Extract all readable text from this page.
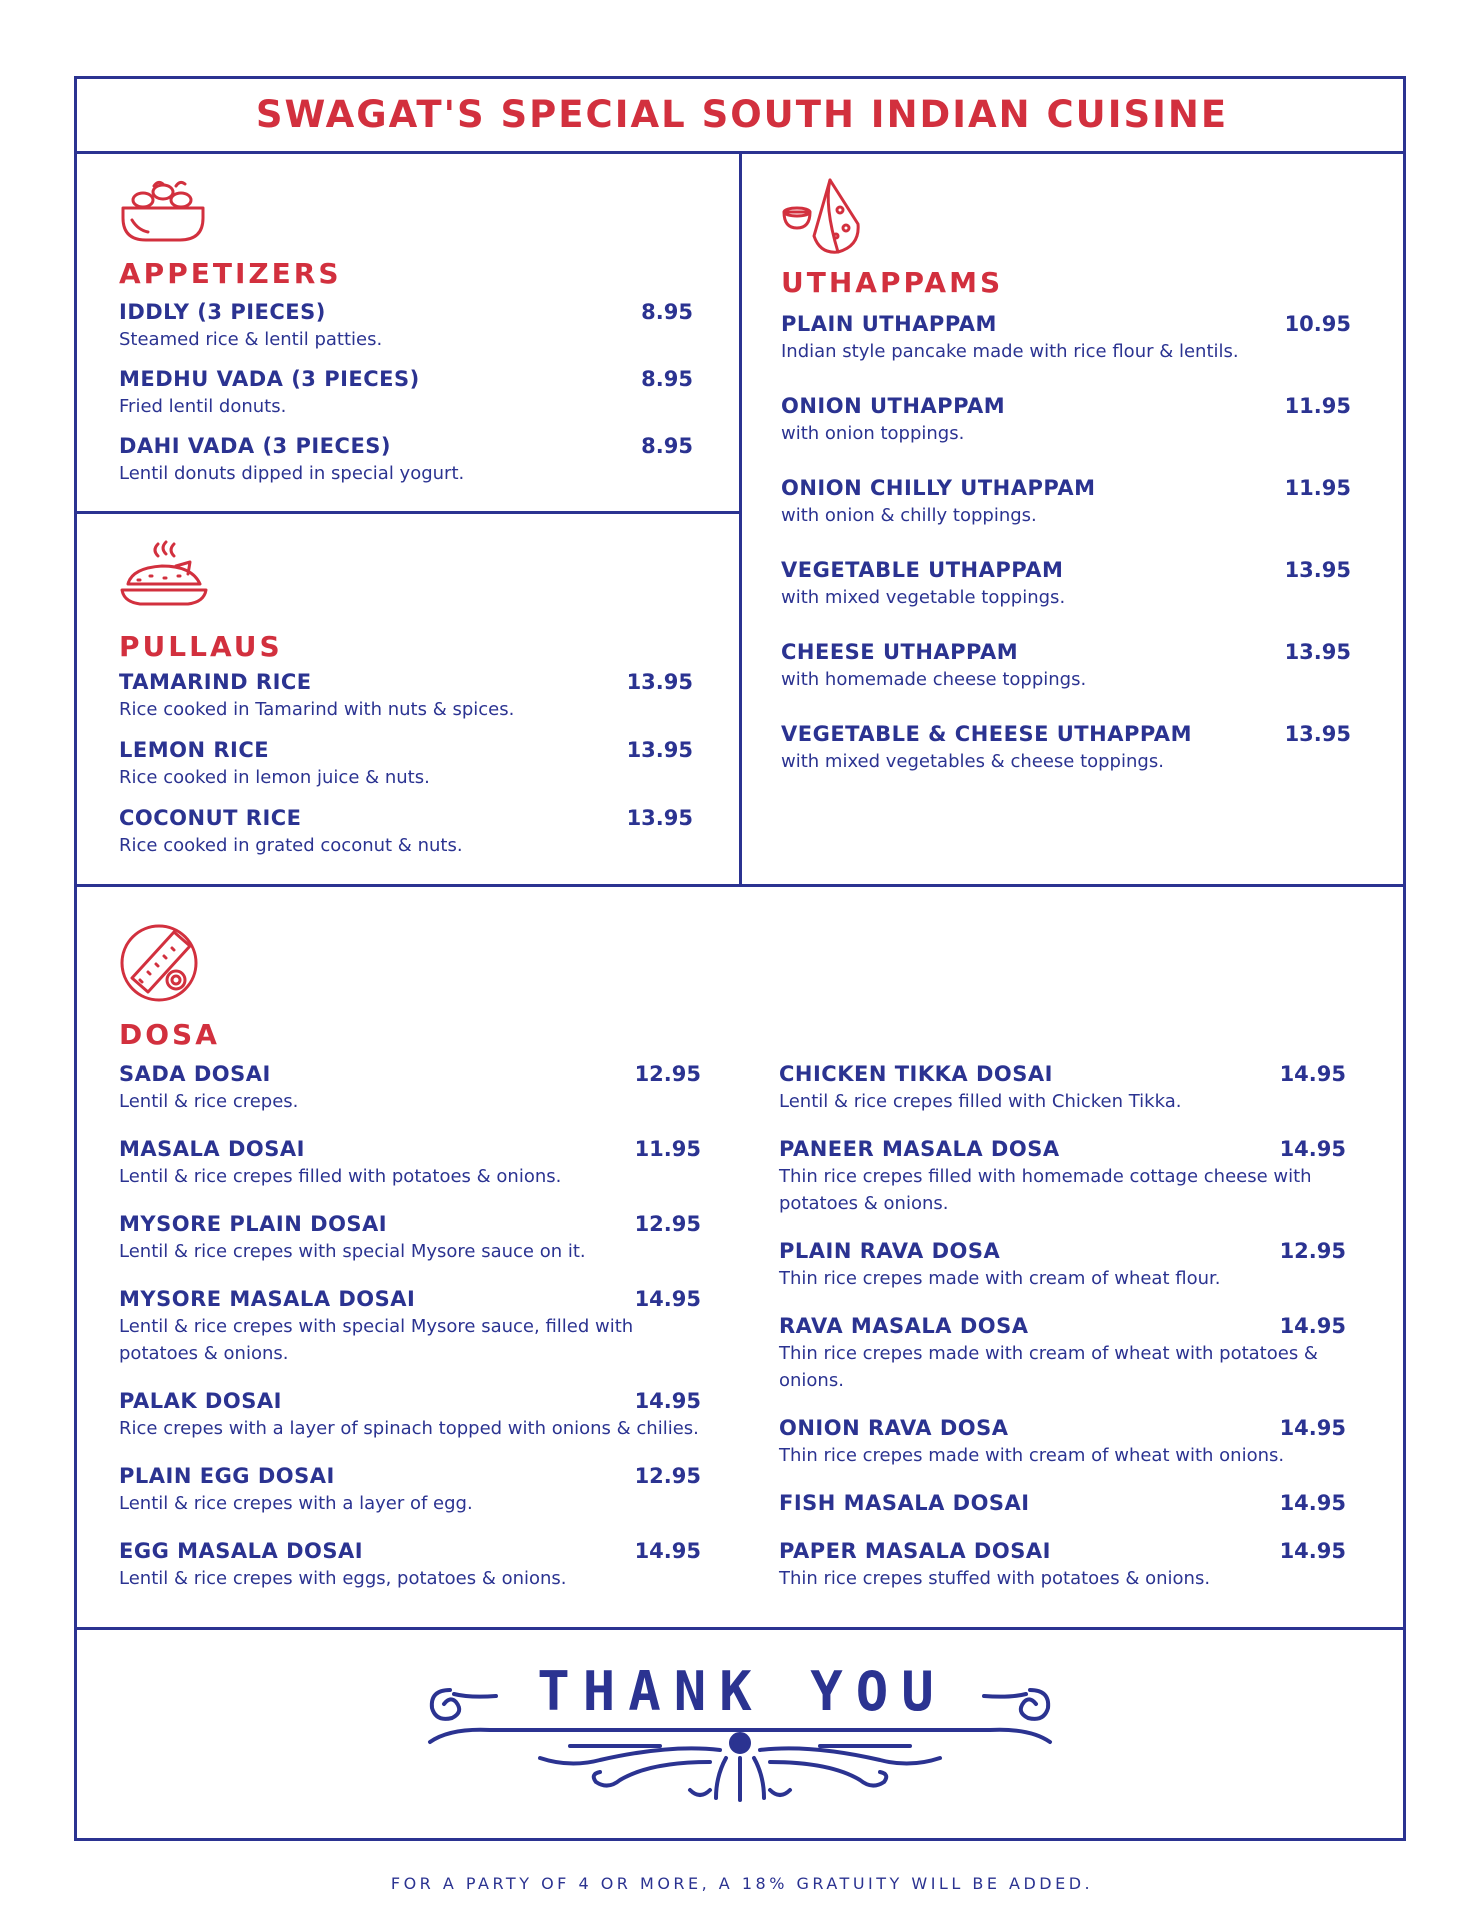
SWAGAT'S SPECIAL SOUTH INDIAN CUISINE
APPETIZERS
IDDLY (3 PIECES)	8.95
Steamed rice & lentil patties.
MEDHU VADA (3 PIECES)	8.95
Fried lentil donuts.
DAHI VADA (3 PIECES)	8.95
Lentil donuts dipped in special yogurt.
PULLAUS
TAMARIND RICE	13.95
Rice cooked in Tamarind with nuts & spices.
LEMON RICE	13.95
Rice cooked in lemon juice & nuts.
COCONUT RICE	13.95
Rice cooked in grated coconut & nuts.
UTHAPPAMS
PLAIN UTHAPPAM	10.95
Indian style pancake made with rice flour & lentils.
ONION UTHAPPAM	11.95
with onion toppings.
ONION CHILLY UTHAPPAM	11.95
with onion & chilly toppings.
VEGETABLE UTHAPPAM	13.95
with mixed vegetable toppings.
CHEESE UTHAPPAM	13.95
with homemade cheese toppings.
VEGETABLE & CHEESE UTHAPPAM	13.95
with mixed vegetables & cheese toppings.
DOSA
SADA DOSAI	12.95
Lentil & rice crepes.
MASALA DOSAI	11.95
Lentil & rice crepes filled with potatoes & onions.
MYSORE PLAIN DOSAI	12.95
Lentil & rice crepes with special Mysore sauce on it.
MYSORE MASALA DOSAI	14.95
Lentil & rice crepes with special Mysore sauce, filled with potatoes & onions.
PALAK DOSAI	14.95
Rice crepes with a layer of spinach topped with onions & chilies.
PLAIN EGG DOSAI	12.95
Lentil & rice crepes with a layer of egg.
EGG MASALA DOSAI	14.95
Lentil & rice crepes with eggs, potatoes & onions.
CHICKEN TIKKA DOSAI	14.95
Lentil & rice crepes filled with Chicken Tikka.
PANEER MASALA DOSA	14.95
Thin rice crepes filled with homemade cottage cheese with potatoes & onions.
PLAIN RAVA DOSA	12.95
Thin rice crepes made with cream of wheat flour.
RAVA MASALA DOSA	14.95
Thin rice crepes made with cream of wheat with potatoes & onions.
ONION RAVA DOSA	14.95
Thin rice crepes made with cream of wheat with onions.
FISH MASALA DOSAI	14.95
PAPER MASALA DOSAI	14.95
Thin rice crepes stuffed with potatoes & onions.
THANK YOU
FOR A PARTY OF 4 OR MORE, A 18% GRATUITY WILL BE ADDED.
